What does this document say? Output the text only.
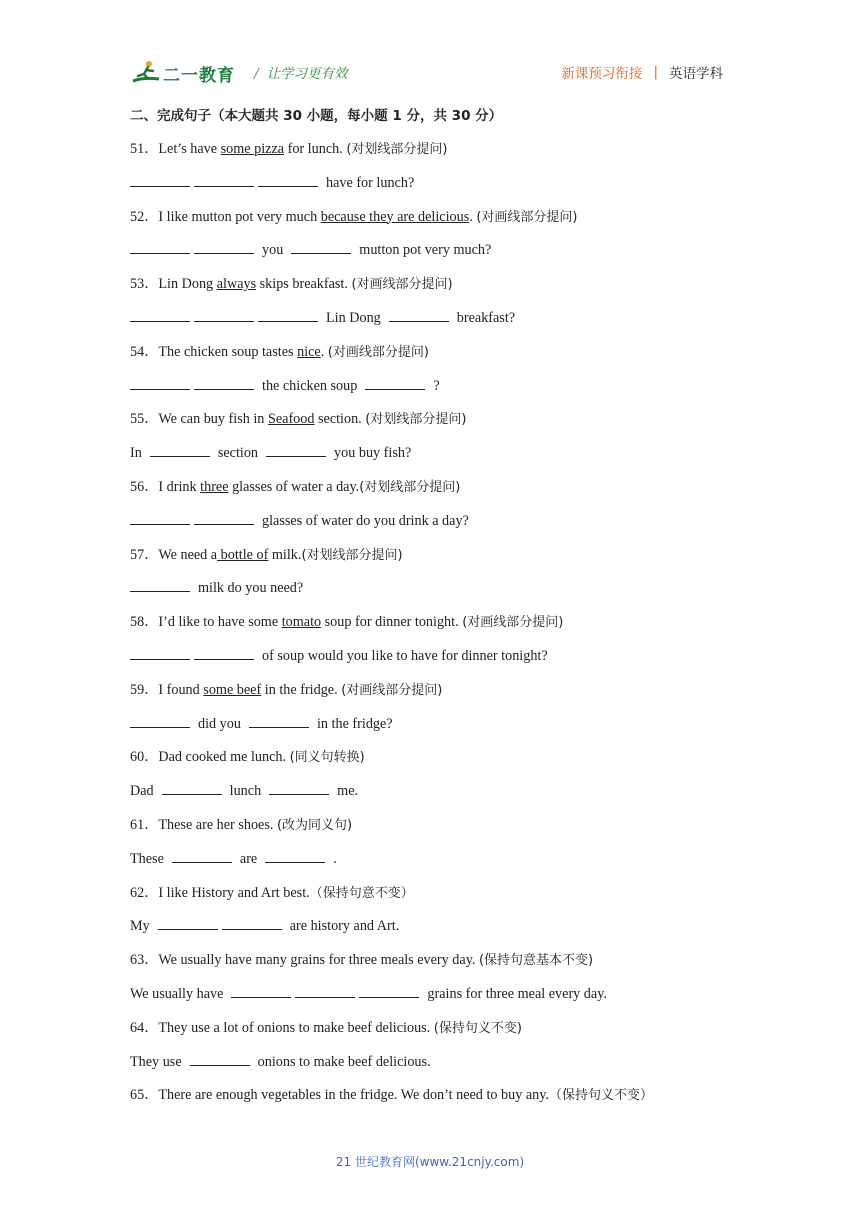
二一教育 / 让学习更有效	新课预习衔接 | 英语学科
二、完成句子（本大题共 30 小题，每小题 1 分，共 30 分）
51．Let’s have some pizza for lunch. (对划线部分提问)
have for lunch?
52．I like mutton pot very much because they are delicious. (对画线部分提问)
you	mutton pot very much?
53．Lin Dong always skips breakfast. (对画线部分提问)
Lin Dong	breakfast?
54．The chicken soup tastes nice. (对画线部分提问)
the chicken soup	?
55．We can buy fish in Seafood section. (对划线部分提问)
In	section	you buy fish?
56．I drink three glasses of water a day.(对划线部分提问)
glasses of water do you drink a day?
57．We need a bottle of milk.(对划线部分提问)
milk do you need?
58．I’d like to have some tomato soup for dinner tonight. (对画线部分提问)
of soup would you like to have for dinner tonight?
59．I found some beef in the fridge. (对画线部分提问)
did you	in the fridge?
60．Dad cooked me lunch. (同义句转换)
Dad	lunch	me.
61．These are her shoes. (改为同义句)
These	are	.
62．I like History and Art best.（保持句意不变）
My	are history and Art.
63．We usually have many grains for three meals every day. (保持句意基本不变)
We usually have	grains for three meal every day.
64．They use a lot of onions to make beef delicious. (保持句义不变)
They use	onions to make beef delicious.
65．There are enough vegetables in the fridge. We don’t need to buy any.（保持句义不变）
21 世纪教育网(www.21cnjy.com)
